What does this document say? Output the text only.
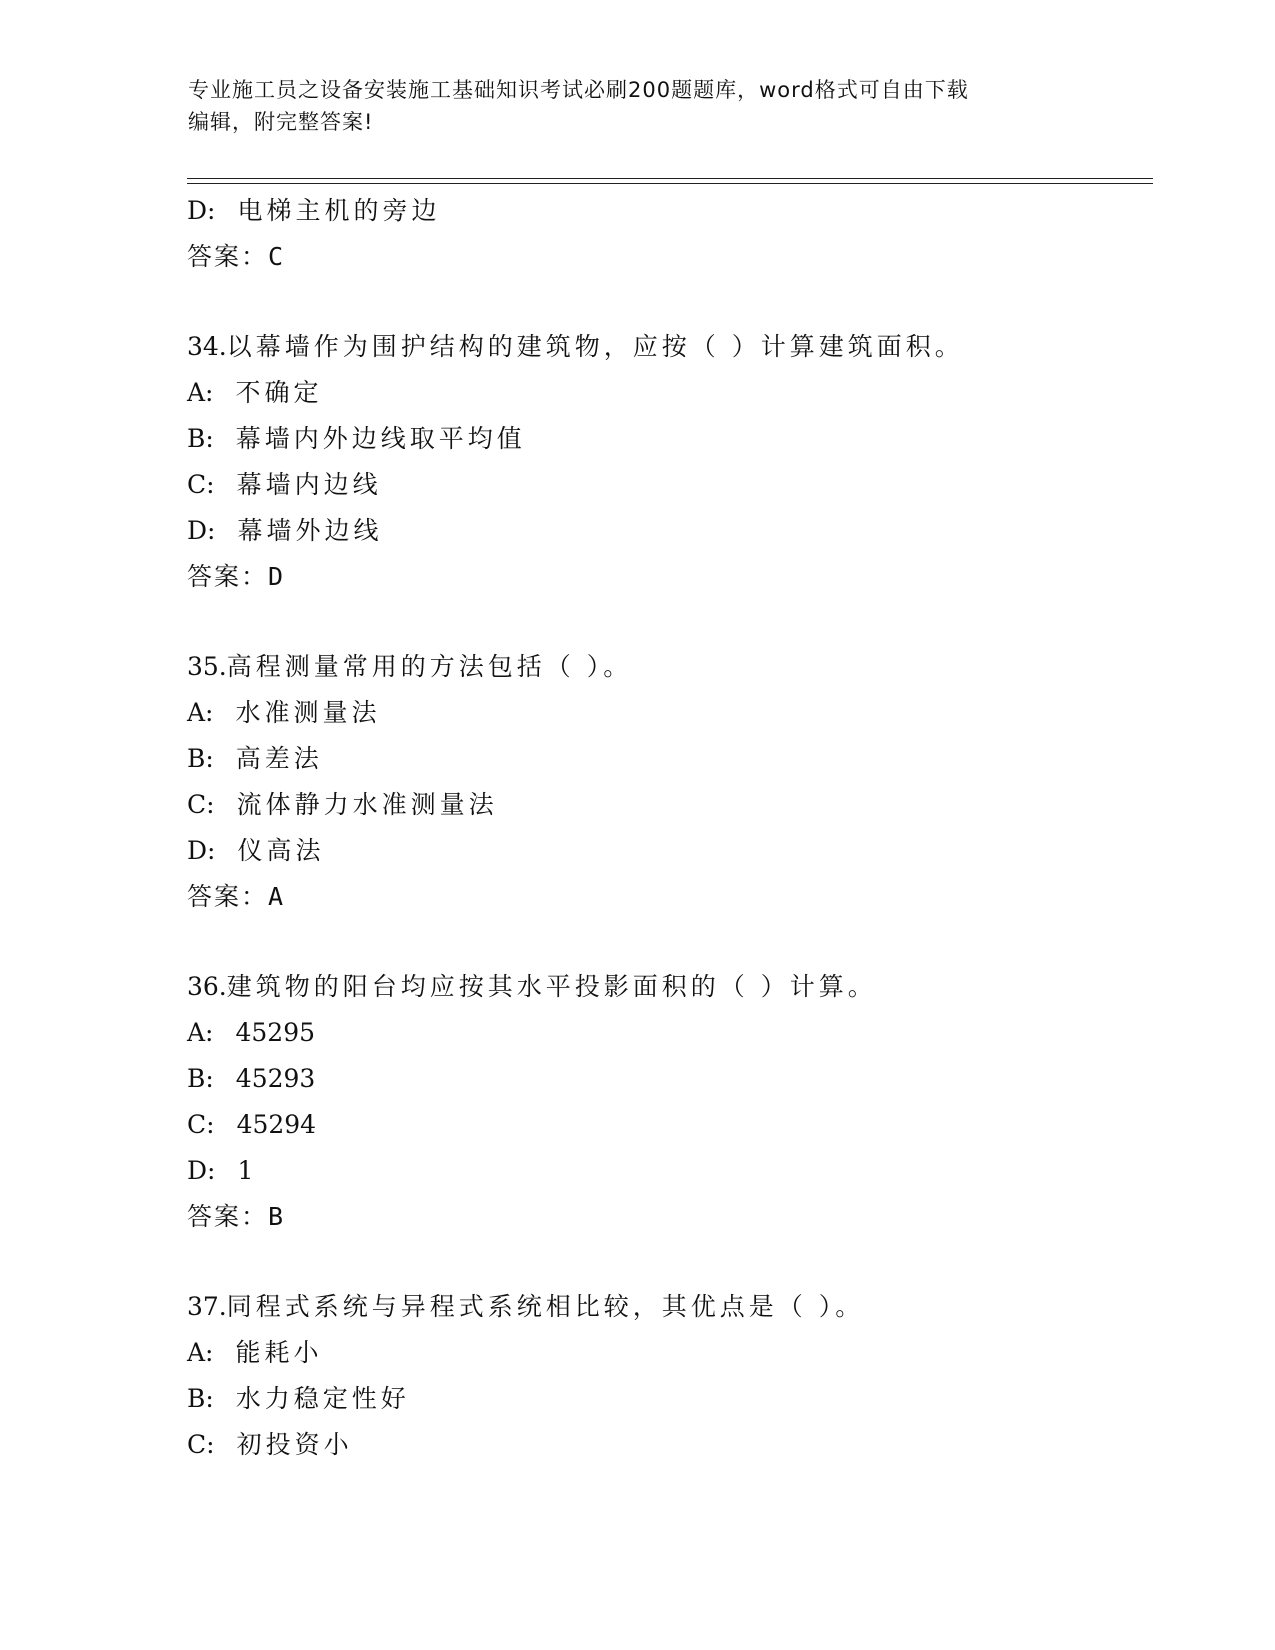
专业施工员之设备安装施工基础知识考试必刷200题题库，word格式可自由下载
编辑，附完整答案!
D: 电梯主机的旁边
答案：C
34.以幕墙作为围护结构的建筑物，应按（ ）计算建筑面积。
A: 不确定
B: 幕墙内外边线取平均值
C: 幕墙内边线
D: 幕墙外边线
答案：D
35.高程测量常用的方法包括（ ）。
A: 水准测量法
B: 高差法
C: 流体静力水准测量法
D: 仪高法
答案：A
36.建筑物的阳台均应按其水平投影面积的（ ）计算。
A: 45295
B: 45293
C: 45294
D: 1
答案：B
37.同程式系统与异程式系统相比较，其优点是（ ）。
A: 能耗小
B: 水力稳定性好
C: 初投资小
